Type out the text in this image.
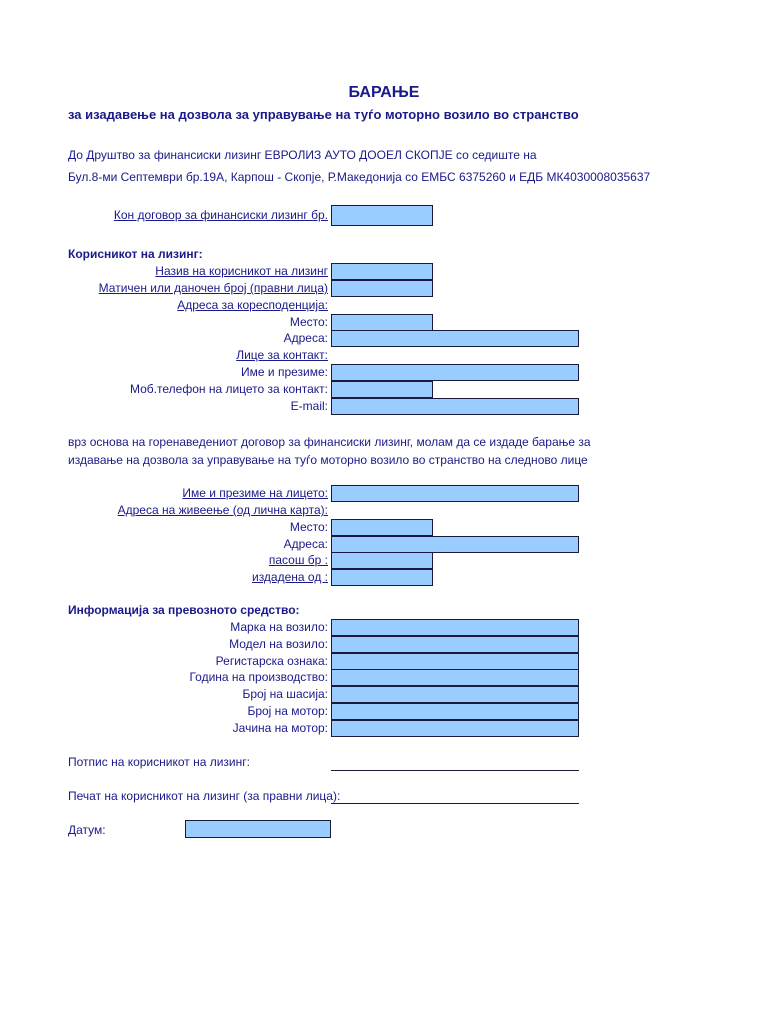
БАРАЊЕ
за изадавење на дозвола за управување на туѓо моторно возило во странство
До Друштво за финансиски лизинг ЕВРОЛИЗ АУТО ДООЕЛ СКОПЈЕ со седиште на
Бул.8-ми Септември бр.19А, Карпош - Скопје, Р.Македонија со ЕМБС 6375260 и ЕДБ МК4030008035637
Кон договор за финансиски лизинг бр.
Корисникот на лизинг:
Назив на корисникот на лизинг
Матичен или даночен број (правни лица)
Адреса за коресподенција:
Место:
Адреса:
Лице за контакт:
Име и презиме:
Моб.телефон на лицето за контакт:
E-mail:
врз основа на горенаведениот договор за финансиски лизинг, молам да се издаде барање за
издавање на дозвола за управување на туѓо моторно возило во странство на следново лице
Име и презиме на лицето:
Адреса на живеење (од лична карта):
Место:
Адреса:
пасош бр :
издадена од :
Информација за превозното средство:
Марка на возило:
Модел на возило:
Регистарска ознака:
Година на производство:
Број на шасија:
Број на мотор:
Јачина на мотор:
Потпис на корисникот на лизинг:
Печат на корисникот на лизинг (за правни лица):
Датум:
